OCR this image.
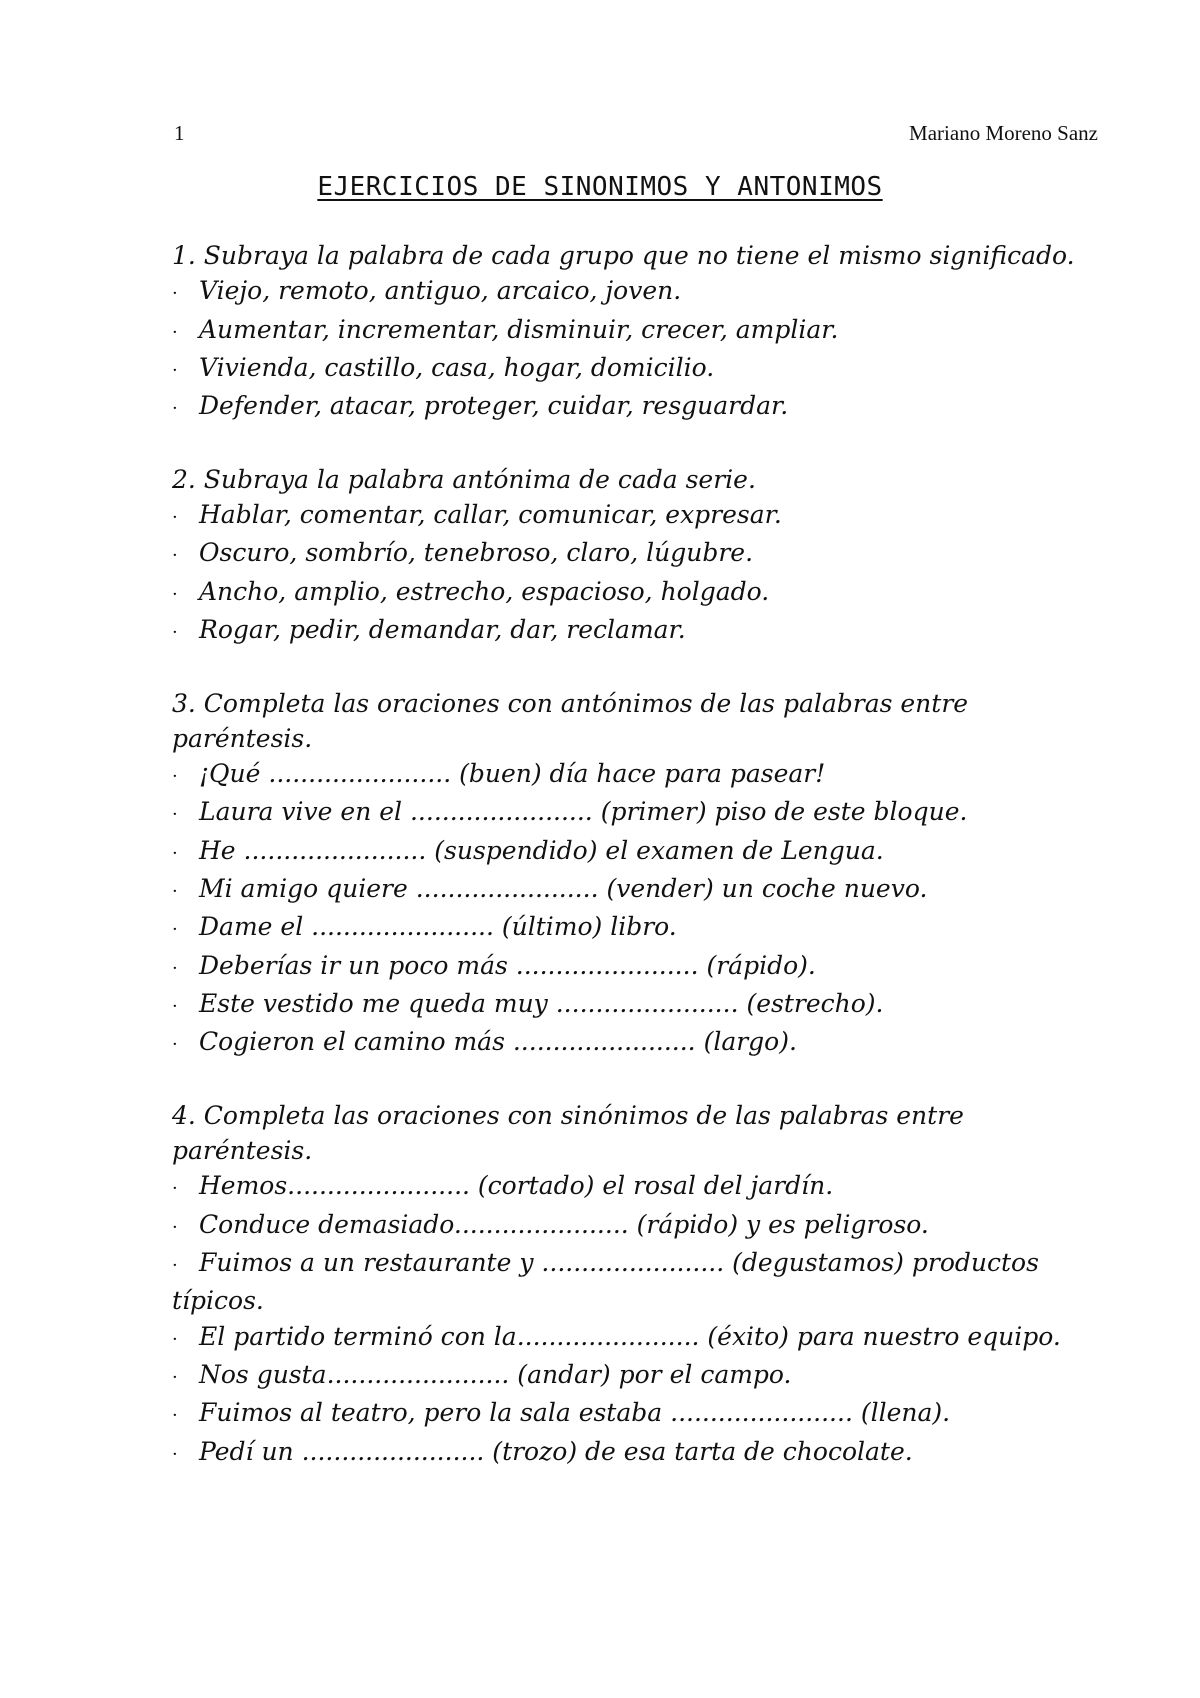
1	Mariano Moreno Sanz
EJERCICIOS DE SINONIMOS Y ANTONIMOS

1. Subraya la palabra de cada grupo que no tiene el mismo significado.

· Viejo, remoto, antiguo, arcaico, joven.

· Aumentar, incrementar, disminuir, crecer, ampliar.

· Vivienda, castillo, casa, hogar, domicilio.

· Defender, atacar, proteger, cuidar, resguardar.

2. Subraya la palabra antónima de cada serie.

· Hablar, comentar, callar, comunicar, expresar.

· Oscuro, sombrío, tenebroso, claro, lúgubre.

· Ancho, amplio, estrecho, espacioso, holgado.

· Rogar, pedir, demandar, dar, reclamar.

3. Completa las oraciones con antónimos de las palabras entre paréntesis.

· ¡Qué ....................... (buen) día hace para pasear!

· Laura vive en el ....................... (primer) piso de este bloque.

· He ....................... (suspendido) el examen de Lengua.

· Mi amigo quiere ....................... (vender) un coche nuevo.

· Dame el ....................... (último) libro.

· Deberías ir un poco más ....................... (rápido).

· Este vestido me queda muy ....................... (estrecho).

· Cogieron el camino más ....................... (largo).

4. Completa las oraciones con sinónimos de las palabras entre paréntesis.

· Hemos....................... (cortado) el rosal del jardín.

· Conduce demasiado...................... (rápido) y es peligroso.

· Fuimos a un restaurante y ....................... (degustamos) productos típicos.

· El partido terminó con la....................... (éxito) para nuestro equipo.

· Nos gusta....................... (andar) por el campo.

· Fuimos al teatro, pero la sala estaba ....................... (llena).

· Pedí un ....................... (trozo) de esa tarta de chocolate.
